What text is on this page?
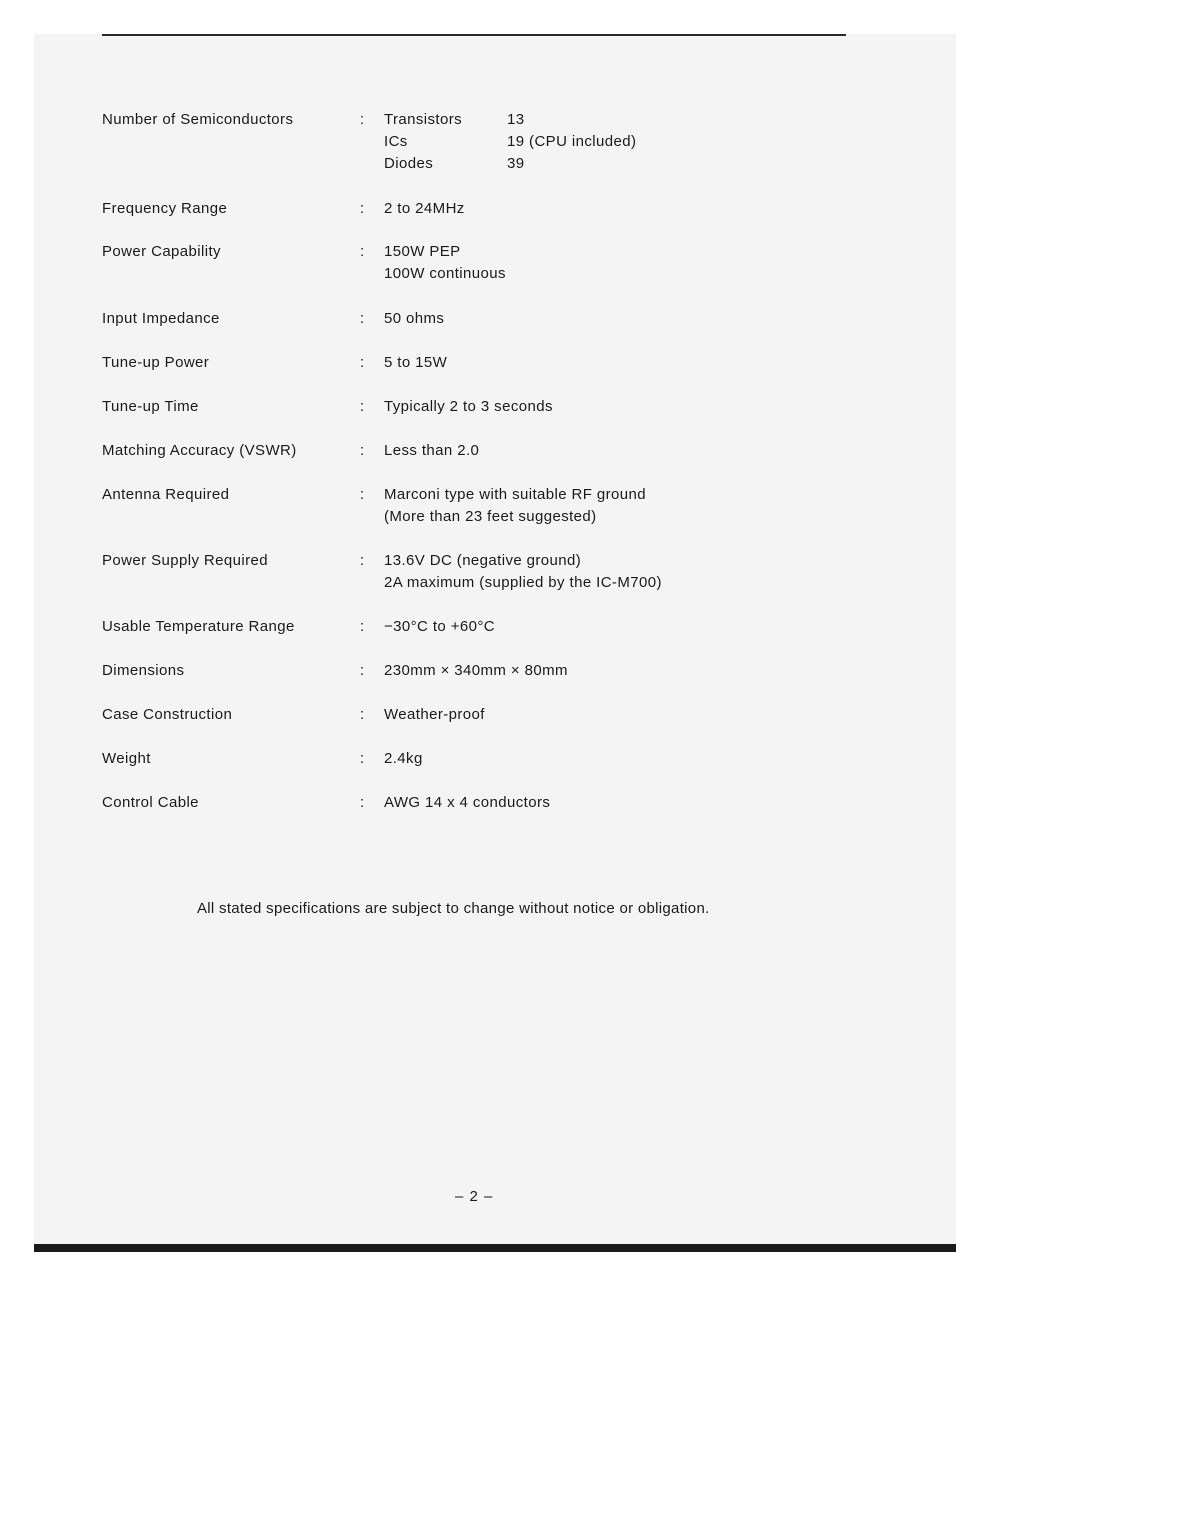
Number of Semiconductors	: Transistors	13
ICs	19 (CPU included)
Diodes	39
Frequency Range	: 2 to 24MHz
Power Capability	: 150W PEP
100W continuous
Input Impedance	: 50 ohms
Tune-up Power	: 5 to 15W
Tune-up Time	: Typically 2 to 3 seconds
Matching Accuracy (VSWR)	: Less than 2.0
Antenna Required	: Marconi type with suitable RF ground
(More than 23 feet suggested)
Power Supply Required	: 13.6V DC (negative ground)
2A maximum (supplied by the IC-M700)
Usable Temperature Range	: −30°C to +60°C
Dimensions	: 230mm × 340mm × 80mm
Case Construction	: Weather-proof
Weight	: 2.4kg
Control Cable	: AWG 14 x 4 conductors
All stated specifications are subject to change without notice or obligation.
– 2 –
